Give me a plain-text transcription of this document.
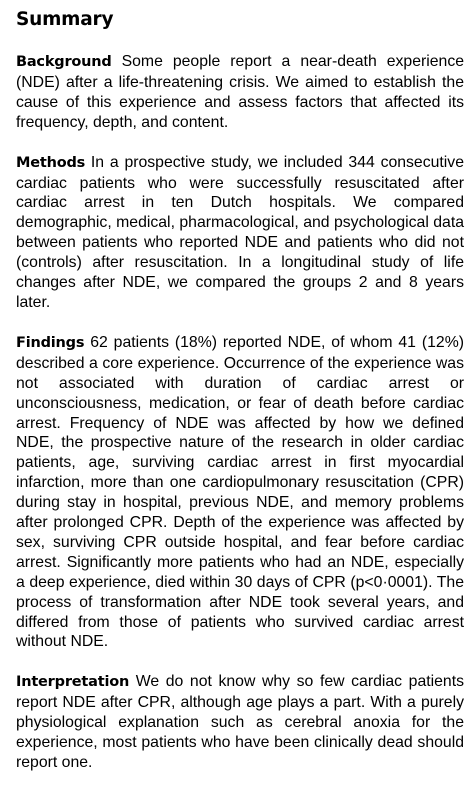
Summary

Background Some people report a near-death experience (NDE) after a life-threatening crisis. We aimed to establish the cause of this experience and assess factors that affected its frequency, depth, and content.

Methods In a prospective study, we included 344 consecutive cardiac patients who were successfully resuscitated after cardiac arrest in ten Dutch hospitals. We compared demographic, medical, pharmacological, and psychological data between patients who reported NDE and patients who did not (controls) after resuscitation. In a longitudinal study of life changes after NDE, we compared the groups 2 and 8 years later.

Findings 62 patients (18%) reported NDE, of whom 41 (12%) described a core experience. Occurrence of the experience was not associated with duration of cardiac arrest or unconsciousness, medication, or fear of death before cardiac arrest. Frequency of NDE was affected by how we defined NDE, the prospective nature of the research in older cardiac patients, age, surviving cardiac arrest in first myocardial infarction, more than one cardiopulmonary resuscitation (CPR) during stay in hospital, previous NDE, and memory problems after prolonged CPR. Depth of the experience was affected by sex, surviving CPR outside hospital, and fear before cardiac arrest. Significantly more patients who had an NDE, especially a deep experience, died within 30 days of CPR (p<0·0001). The process of transformation after NDE took several years, and differed from those of patients who survived cardiac arrest without NDE.

Interpretation We do not know why so few cardiac patients report NDE after CPR, although age plays a part. With a purely physiological explanation such as cerebral anoxia for the experience, most patients who have been clinically dead should report one.
